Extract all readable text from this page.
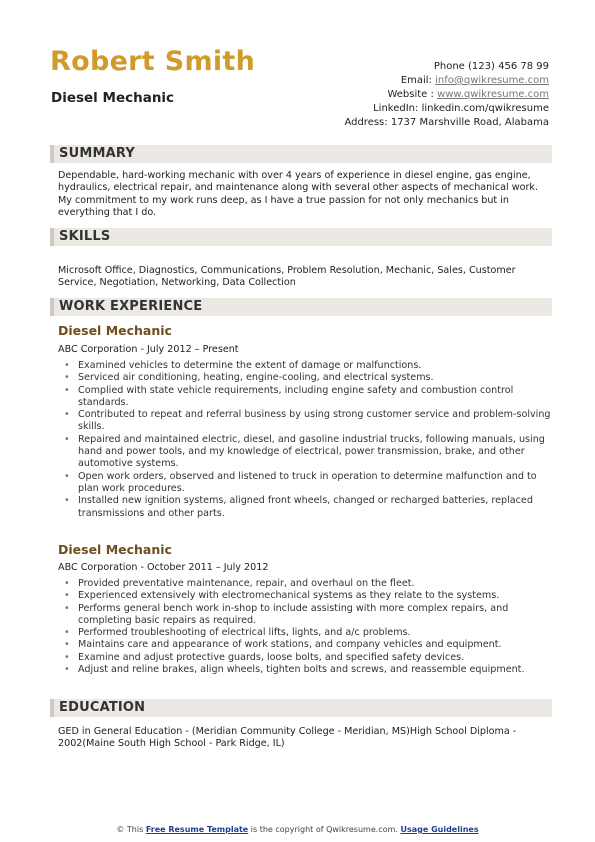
Robert Smith
Diesel Mechanic
Phone (123) 456 78 99
Email: info@qwikresume.com
Website : www.qwikresume.com
LinkedIn: linkedin.com/qwikresume
Address: 1737 Marshville Road, Alabama
SUMMARY
Dependable, hard-working mechanic with over 4 years of experience in diesel engine, gas engine, hydraulics, electrical repair, and maintenance along with several other aspects of mechanical work. My commitment to my work runs deep, as I have a true passion for not only mechanics but in everything that I do.
SKILLS
Microsoft Office, Diagnostics, Communications, Problem Resolution, Mechanic, Sales, Customer Service, Negotiation, Networking, Data Collection
WORK EXPERIENCE
Diesel Mechanic
ABC Corporation - July 2012 – Present
• Examined vehicles to determine the extent of damage or malfunctions.
• Serviced air conditioning, heating, engine-cooling, and electrical systems.
• Complied with state vehicle requirements, including engine safety and combustion control standards.
• Contributed to repeat and referral business by using strong customer service and problem-solving skills.
• Repaired and maintained electric, diesel, and gasoline industrial trucks, following manuals, using hand and power tools, and my knowledge of electrical, power transmission, brake, and other automotive systems.
• Open work orders, observed and listened to truck in operation to determine malfunction and to plan work procedures.
• Installed new ignition systems, aligned front wheels, changed or recharged batteries, replaced transmissions and other parts.
Diesel Mechanic
ABC Corporation - October 2011 – July 2012
• Provided preventative maintenance, repair, and overhaul on the fleet.
• Experienced extensively with electromechanical systems as they relate to the systems.
• Performs general bench work in-shop to include assisting with more complex repairs, and completing basic repairs as required.
• Performed troubleshooting of electrical lifts, lights, and a/c problems.
• Maintains care and appearance of work stations, and company vehicles and equipment.
• Examine and adjust protective guards, loose bolts, and specified safety devices.
• Adjust and reline brakes, align wheels, tighten bolts and screws, and reassemble equipment.
EDUCATION
GED in General Education - (Meridian Community College - Meridian, MS)High School Diploma - 2002(Maine South High School - Park Ridge, IL)
© This Free Resume Template is the copyright of Qwikresume.com. Usage Guidelines
